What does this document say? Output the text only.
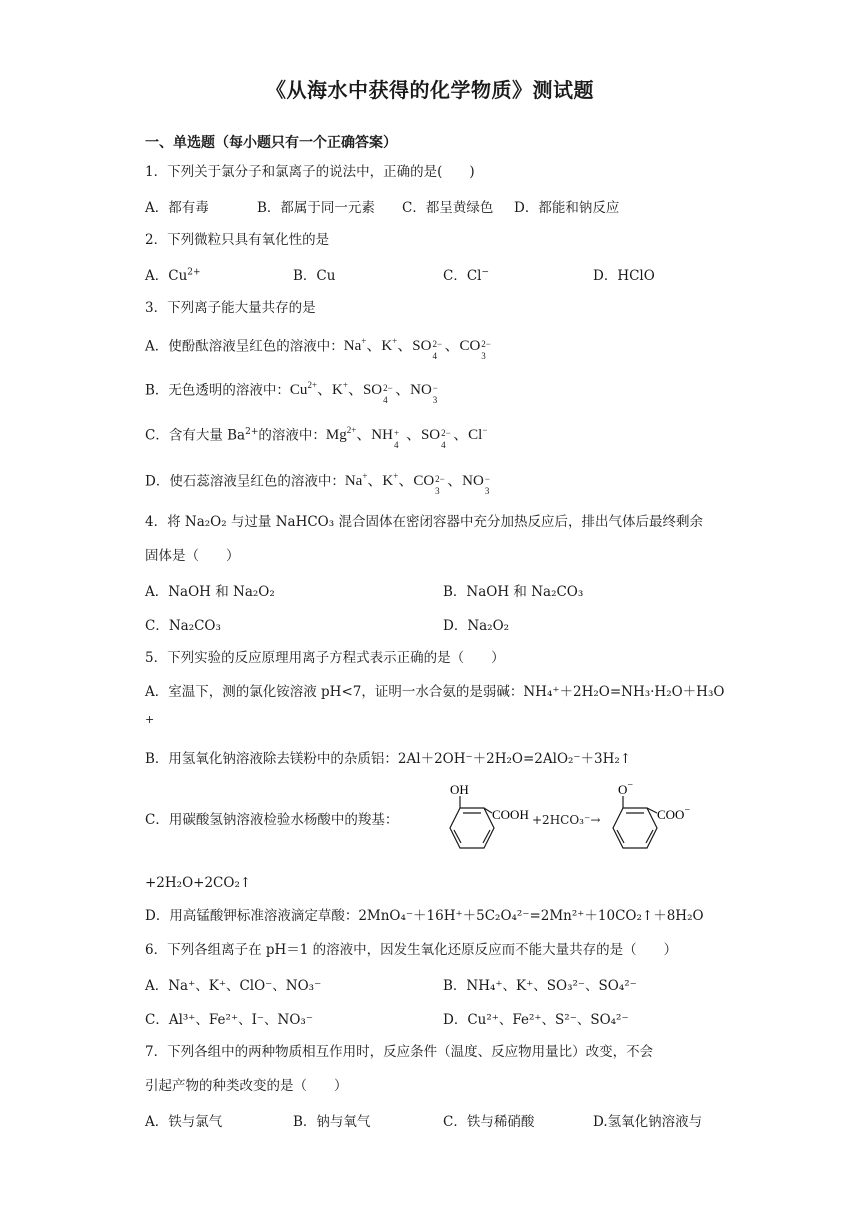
《从海水中获得的化学物质》测试题
一、单选题（每小题只有一个正确答案）
1．下列关于氯分子和氯离子的说法中，正确的是(　　)
A．都有毒	B．都属于同一元素 C．都呈黄绿色 D．都能和钠反应
2．下列微粒只具有氧化性的是
A．$Cu^{2+}$	B．Cu	C．Cl−	D．HClO
3．下列离子能大量共存的是
A．使酚酞溶液呈红色的溶液中：Na+、K+、SO 2−
4
、CO 2−
3
B．无色透明的溶液中：$Cu^{2+}$、K+、SO 2−
4
、NO −
3
C．含有大量 $Ba^{2+}$的溶液中：$Mg^{2+}$、NH +
4
、SO 2−
4
、Cl−
D．使石蕊溶液呈红色的溶液中：Na+、K+、CO 2−
3
、NO −
3
4．将 Na₂O₂ 与过量 NaHCO₃ 混合固体在密闭容器中充分加热反应后，排出气体后最终剩余
固体是（　　）
A．NaOH 和 Na₂O₂	B．NaOH 和 Na₂CO₃
C．Na₂CO₃	D．Na₂O₂
5．下列实验的反应原理用离子方程式表示正确的是（　　）
A．室温下，测的氯化铵溶液 pH<7，证明一水合氨的是弱碱：NH₄⁺＋2H₂O=NH₃·H₂O＋H₃O
+
B．用氢氧化钠溶液除去镁粉中的杂质铝：2Al＋2OH⁻＋2H₂O=2AlO₂⁻＋3H₂↑
C．用碳酸氢钠溶液检验水杨酸中的羧基：
OH
COOH +2HCO₃⁻→
O−
COO−
+2H₂O+2CO₂↑
D．用高锰酸钾标准溶液滴定草酸：2MnO₄⁻＋16H⁺＋5C₂O₄²⁻=2Mn²⁺＋10CO₂↑＋8H₂O
6．下列各组离子在 pH＝1 的溶液中，因发生氧化还原反应而不能大量共存的是（　　）
A．Na⁺、K⁺、ClO⁻、NO₃⁻	B．NH₄⁺、K⁺、SO₃²⁻、SO₄²⁻
C．Al³⁺、Fe²⁺、I⁻、NO₃⁻	D．Cu²⁺、Fe²⁺、S²⁻、SO₄²⁻
7．下列各组中的两种物质相互作用时，反应条件（温度、反应物用量比）改变，不会
引起产物的种类改变的是（　　）
A．铁与氯气	B．钠与氧气	C．铁与稀硝酸	D.氢氧化钠溶液与
